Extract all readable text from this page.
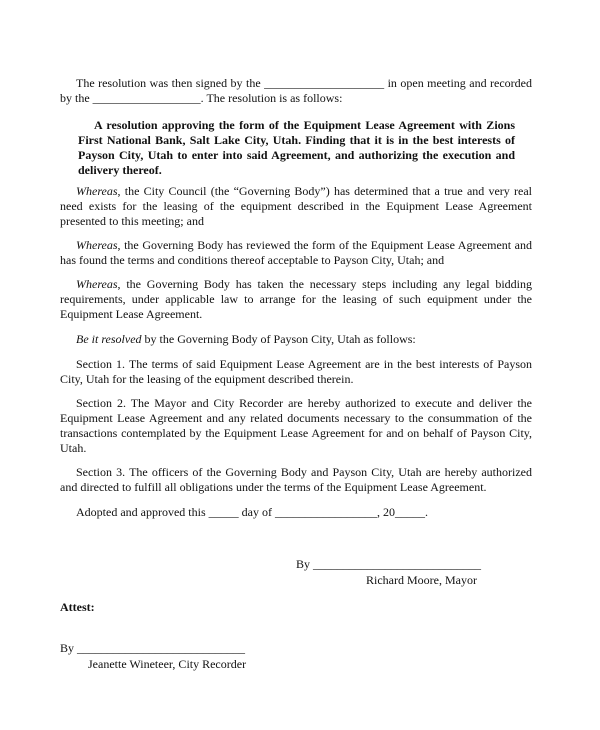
The resolution was then signed by the ____________________ in open meeting and recorded by the __________________. The resolution is as follows:

A resolution approving the form of the Equipment Lease Agreement with Zions First National Bank, Salt Lake City, Utah. Finding that it is in the best interests of Payson City, Utah to enter into said Agreement, and authorizing the execution and delivery thereof.

Whereas, the City Council (the “Governing Body”) has determined that a true and very real need exists for the leasing of the equipment described in the Equipment Lease Agreement presented to this meeting; and

Whereas, the Governing Body has reviewed the form of the Equipment Lease Agreement and has found the terms and conditions thereof acceptable to Payson City, Utah; and

Whereas, the Governing Body has taken the necessary steps including any legal bidding requirements, under applicable law to arrange for the leasing of such equipment under the Equipment Lease Agreement.

Be it resolved by the Governing Body of Payson City, Utah as follows:

Section 1. The terms of said Equipment Lease Agreement are in the best interests of Payson City, Utah for the leasing of the equipment described therein.

Section 2. The Mayor and City Recorder are hereby authorized to execute and deliver the Equipment Lease Agreement and any related documents necessary to the consummation of the transactions contemplated by the Equipment Lease Agreement for and on behalf of Payson City, Utah.

Section 3. The officers of the Governing Body and Payson City, Utah are hereby authorized and directed to fulfill all obligations under the terms of the Equipment Lease Agreement.

Adopted and approved this _____ day of _________________, 20_____.

By ____________________________

Richard Moore, Mayor

Attest:

By ____________________________

Jeanette Wineteer, City Recorder
